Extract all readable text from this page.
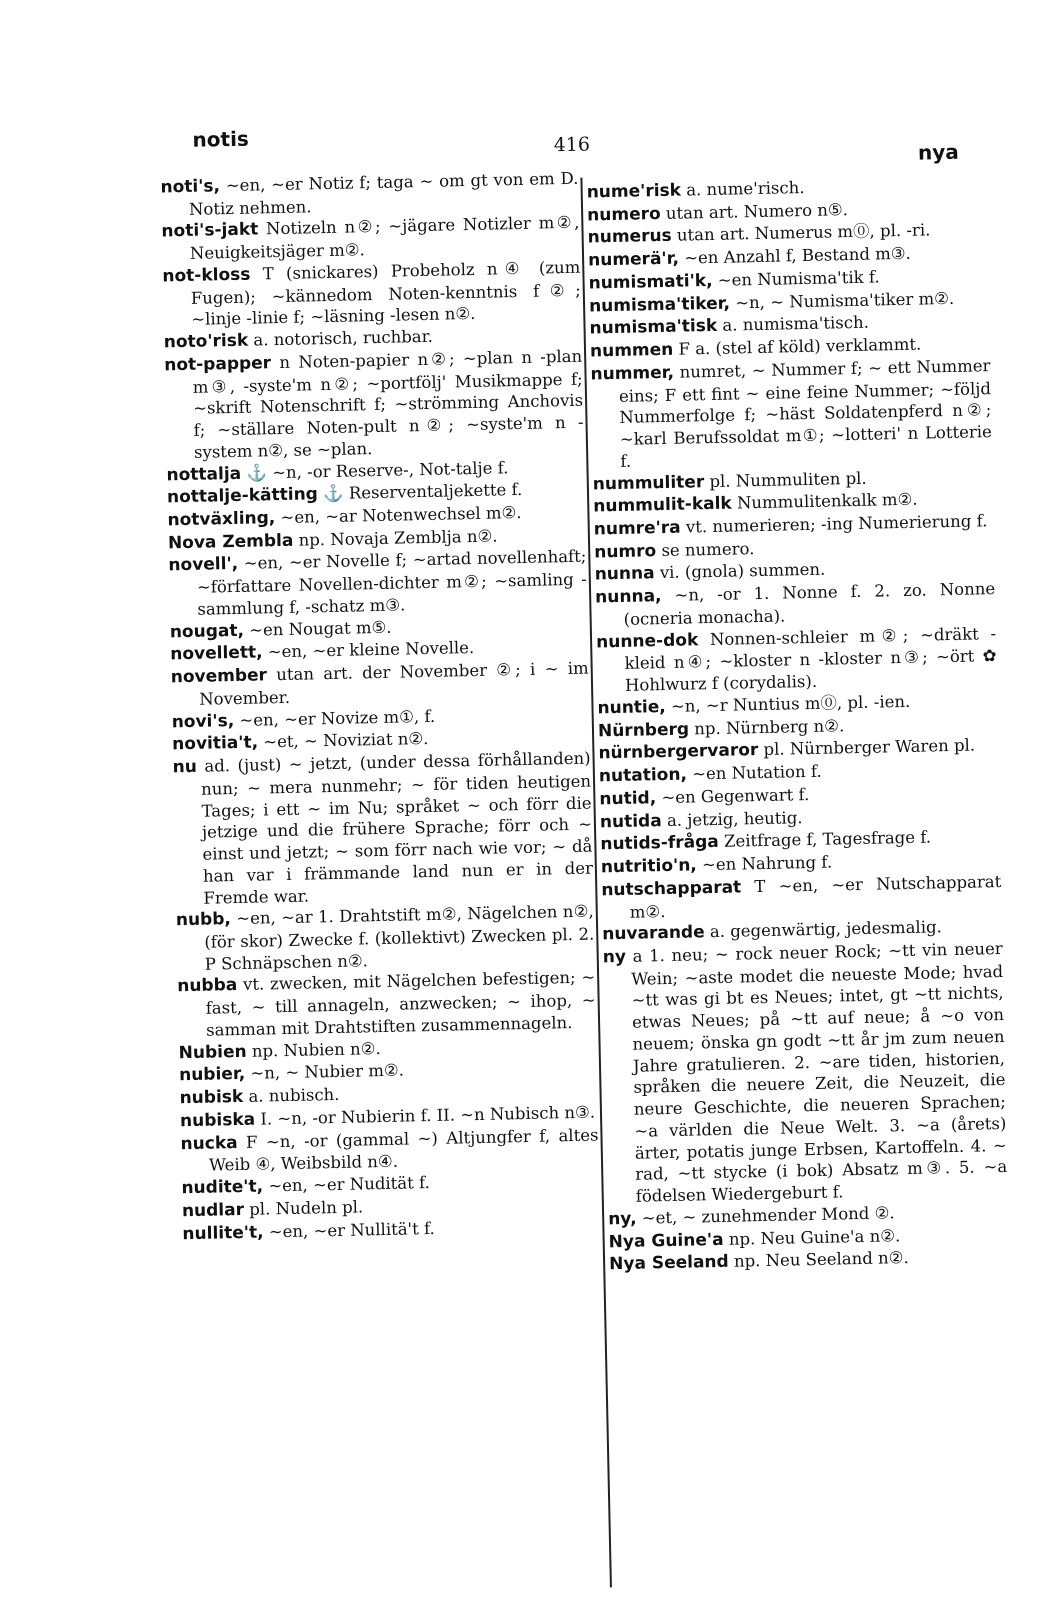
notis	416	nya

noti's, ~en, ~er Notiz f; taga ~ om gt von em D. Notiz nehmen.

noti's-jakt Notizeln n②; ~jägare Notizler m②, Neuigkeitsjäger m②.

not-kloss T (snickares) Probeholz n④ (zum Fugen); ~kännedom Noten-kenntnis f②; ~linje -linie f; ~läsning -lesen n②.

noto'risk a. notorisch, ruchbar.

not-papper n Noten-papier n②; ~plan n -plan m③, -syste'm n②; ~portfölj' Musikmappe f; ~skrift Notenschrift f; ~strömming Anchovis f; ~ställare Noten-pult n②; ~syste'm n -system n②, se ~plan.

nottalja ⚓ ~n, -or Reserve-, Not-talje f.

nottalje-kätting ⚓ Reserventaljekette f.

notväxling, ~en, ~ar Notenwechsel m②.

Nova Zembla np. Novaja Zemblja n②.

novell', ~en, ~er Novelle f; ~artad novellenhaft; ~författare Novellen-dichter m②; ~samling -sammlung f, -schatz m③.

nougat, ~en Nougat m⑤.

novellett, ~en, ~er kleine Novelle.

november utan art. der November ②; i ~ im November.

novi's, ~en, ~er Novize m①, f.

novitia't, ~et, ~ Noviziat n②.

nu ad. (just) ~ jetzt, (under dessa förhållanden) nun; ~ mera nunmehr; ~ för tiden heutigen Tages; i ett ~ im Nu; språket ~ och förr die jetzige und die frühere Sprache; förr och ~ einst und jetzt; ~ som förr nach wie vor; ~ då han var i främmande land nun er in der Fremde war.

nubb, ~en, ~ar 1. Drahtstift m②, Nägelchen n②, (för skor) Zwecke f. (kollektivt) Zwecken pl. 2. P Schnäpschen n②.

nubba vt. zwecken, mit Nägelchen befestigen; ~ fast, ~ till annageln, anzwecken; ~ ihop, ~ samman mit Drahtstiften zusammennageln.

Nubien np. Nubien n②.

nubier, ~n, ~ Nubier m②.

nubisk a. nubisch.

nubiska I. ~n, -or Nubierin f. II. ~n Nubisch n③.

nucka F ~n, -or (gammal ~) Altjungfer f, altes Weib ④, Weibsbild n④.

nudite't, ~en, ~er Nudität f.

nudlar pl. Nudeln pl.

nullite't, ~en, ~er Nullitä't f.

nume'risk a. nume'risch.

numero utan art. Numero n⑤.

numerus utan art. Numerus m⓪, pl. -ri.

numerä'r, ~en Anzahl f, Bestand m③.

numismati'k, ~en Numisma'tik f.

numisma'tiker, ~n, ~ Numisma'tiker m②.

numisma'tisk a. numisma'tisch.

nummen F a. (stel af köld) verklammt.

nummer, numret, ~ Nummer f; ~ ett Nummer eins; F ett fint ~ eine feine Nummer; ~följd Nummerfolge f; ~häst Soldatenpferd n②; ~karl Berufssoldat m①; ~lotteri' n Lotterie f.

nummuliter pl. Nummuliten pl.

nummulit-kalk Nummulitenkalk m②.

numre'ra vt. numerieren; -ing Numerierung f.

numro se numero.

nunna vi. (gnola) summen.

nunna, ~n, -or 1. Nonne f. 2. zo. Nonne (ocneria monacha).

nunne-dok Nonnen-schleier m②; ~dräkt -kleid n④; ~kloster n -kloster n③; ~ört ✿ Hohlwurz f (corydalis).

nuntie, ~n, ~r Nuntius m⓪, pl. -ien.

Nürnberg np. Nürnberg n②.

nürnbergervaror pl. Nürnberger Waren pl.

nutation, ~en Nutation f.

nutid, ~en Gegenwart f.

nutida a. jetzig, heutig.

nutids-fråga Zeitfrage f, Tagesfrage f.

nutritio'n, ~en Nahrung f.

nutschapparat T ~en, ~er Nutschapparat m②.

nuvarande a. gegenwärtig, jedesmalig.

ny a 1. neu; ~ rock neuer Rock; ~tt vin neuer Wein; ~aste modet die neueste Mode; hvad ~tt was gi bt es Neues; intet, gt ~tt nichts, etwas Neues; på ~tt auf neue; å ~o von neuem; önska gn godt ~tt år jm zum neuen Jahre gratulieren. 2. ~are tiden, historien, språken die neuere Zeit, die Neuzeit, die neure Geschichte, die neueren Sprachen; ~a världen die Neue Welt. 3. ~a (årets) ärter, potatis junge Erbsen, Kartoffeln. 4. ~ rad, ~tt stycke (i bok) Absatz m③. 5. ~a födelsen Wiedergeburt f.

ny, ~et, ~ zunehmender Mond ②.

Nya Guine'a np. Neu Guine'a n②.

Nya Seeland np. Neu Seeland n②.
